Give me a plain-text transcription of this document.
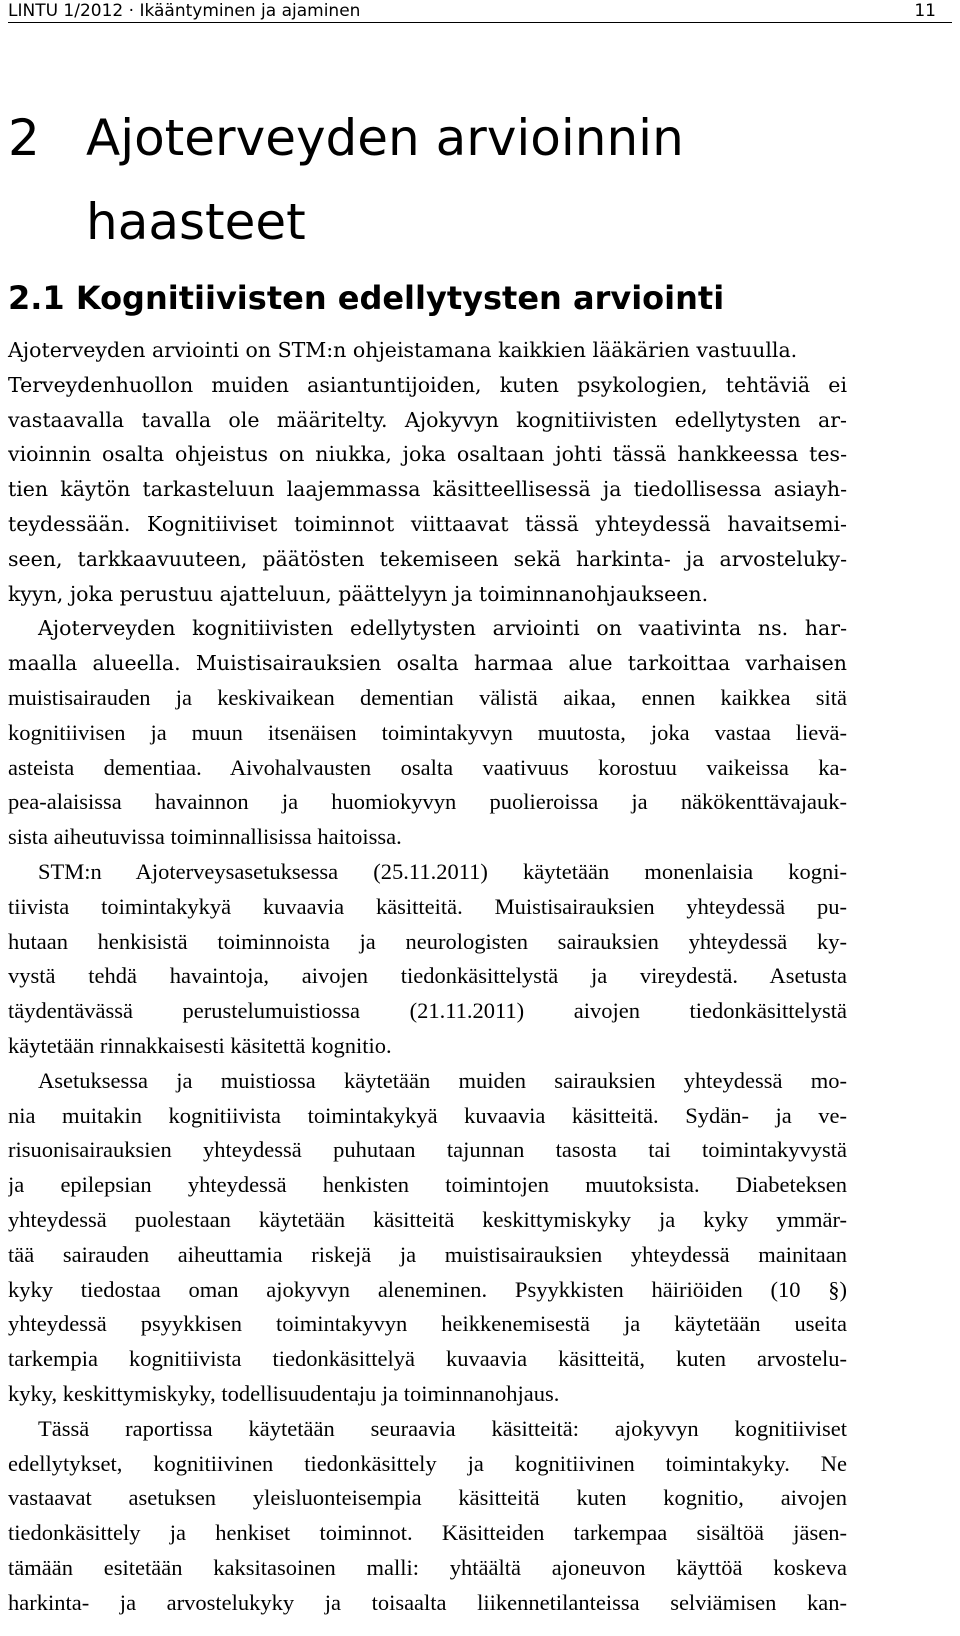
LINTU 1/2012 · Ikääntyminen ja ajaminen	11
2 Ajoterveyden arvioinnin
haasteet
2.1 Kognitiivisten edellytysten arviointi
Ajoterveyden arviointi on STM:n ohjeistamana kaikkien lääkärien vastuulla.
Terveydenhuollon muiden asiantuntijoiden, kuten psykologien, tehtäviä ei
vastaavalla tavalla ole määritelty. Ajokyvyn kognitiivisten edellytysten ar-
vioinnin osalta ohjeistus on niukka, joka osaltaan johti tässä hankkeessa tes-
tien käytön tarkasteluun laajemmassa käsitteellisessä ja tiedollisessa asiayh-
teydessään. Kognitiiviset toiminnot viittaavat tässä yhteydessä havaitsemi-
seen, tarkkaavuuteen, päätösten tekemiseen sekä harkinta- ja arvosteluky-
kyyn, joka perustuu ajatteluun, päättelyyn ja toiminnanohjaukseen.
Ajoterveyden kognitiivisten edellytysten arviointi on vaativinta ns. har-
maalla alueella. Muistisairauksien osalta harmaa alue tarkoittaa varhaisen
muistisairauden ja keskivaikean dementian välistä aikaa, ennen kaikkea sitä
kognitiivisen ja muun itsenäisen toimintakyvyn muutosta, joka vastaa lievä-
asteista dementiaa. Aivohalvausten osalta vaativuus korostuu vaikeissa ka-
pea-alaisissa havainnon ja huomiokyvyn puolieroissa ja näkökenttävajauk-
sista aiheutuvissa toiminnallisissa haitoissa.
STM:n Ajoterveysasetuksessa (25.11.2011) käytetään monenlaisia kogni-
tiivista toimintakykyä kuvaavia käsitteitä. Muistisairauksien yhteydessä pu-
hutaan henkisistä toiminnoista ja neurologisten sairauksien yhteydessä ky-
vystä tehdä havaintoja, aivojen tiedonkäsittelystä ja vireydestä. Asetusta
täydentävässä perustelumuistiossa (21.11.2011) aivojen tiedonkäsittelystä
käytetään rinnakkaisesti käsitettä kognitio.
Asetuksessa ja muistiossa käytetään muiden sairauksien yhteydessä mo-
nia muitakin kognitiivista toimintakykyä kuvaavia käsitteitä. Sydän- ja ve-
risuonisairauksien yhteydessä puhutaan tajunnan tasosta tai toimintakyvystä
ja epilepsian yhteydessä henkisten toimintojen muutoksista. Diabeteksen
yhteydessä puolestaan käytetään käsitteitä keskittymiskyky ja kyky ymmär-
tää sairauden aiheuttamia riskejä ja muistisairauksien yhteydessä mainitaan
kyky tiedostaa oman ajokyvyn aleneminen. Psyykkisten häiriöiden (10 §)
yhteydessä psyykkisen toimintakyvyn heikkenemisestä ja käytetään useita
tarkempia kognitiivista tiedonkäsittelyä kuvaavia käsitteitä, kuten arvostelu-
kyky, keskittymiskyky, todellisuudentaju ja toiminnanohjaus.
Tässä raportissa käytetään seuraavia käsitteitä: ajokyvyn kognitiiviset
edellytykset, kognitiivinen tiedonkäsittely ja kognitiivinen toimintakyky. Ne
vastaavat asetuksen yleisluonteisempia käsitteitä kuten kognitio, aivojen
tiedonkäsittely ja henkiset toiminnot. Käsitteiden tarkempaa sisältöä jäsen-
tämään esitetään kaksitasoinen malli: yhtäältä ajoneuvon käyttöä koskeva
harkinta- ja arvostelukyky ja toisaalta liikennetilanteissa selviämisen kan-
